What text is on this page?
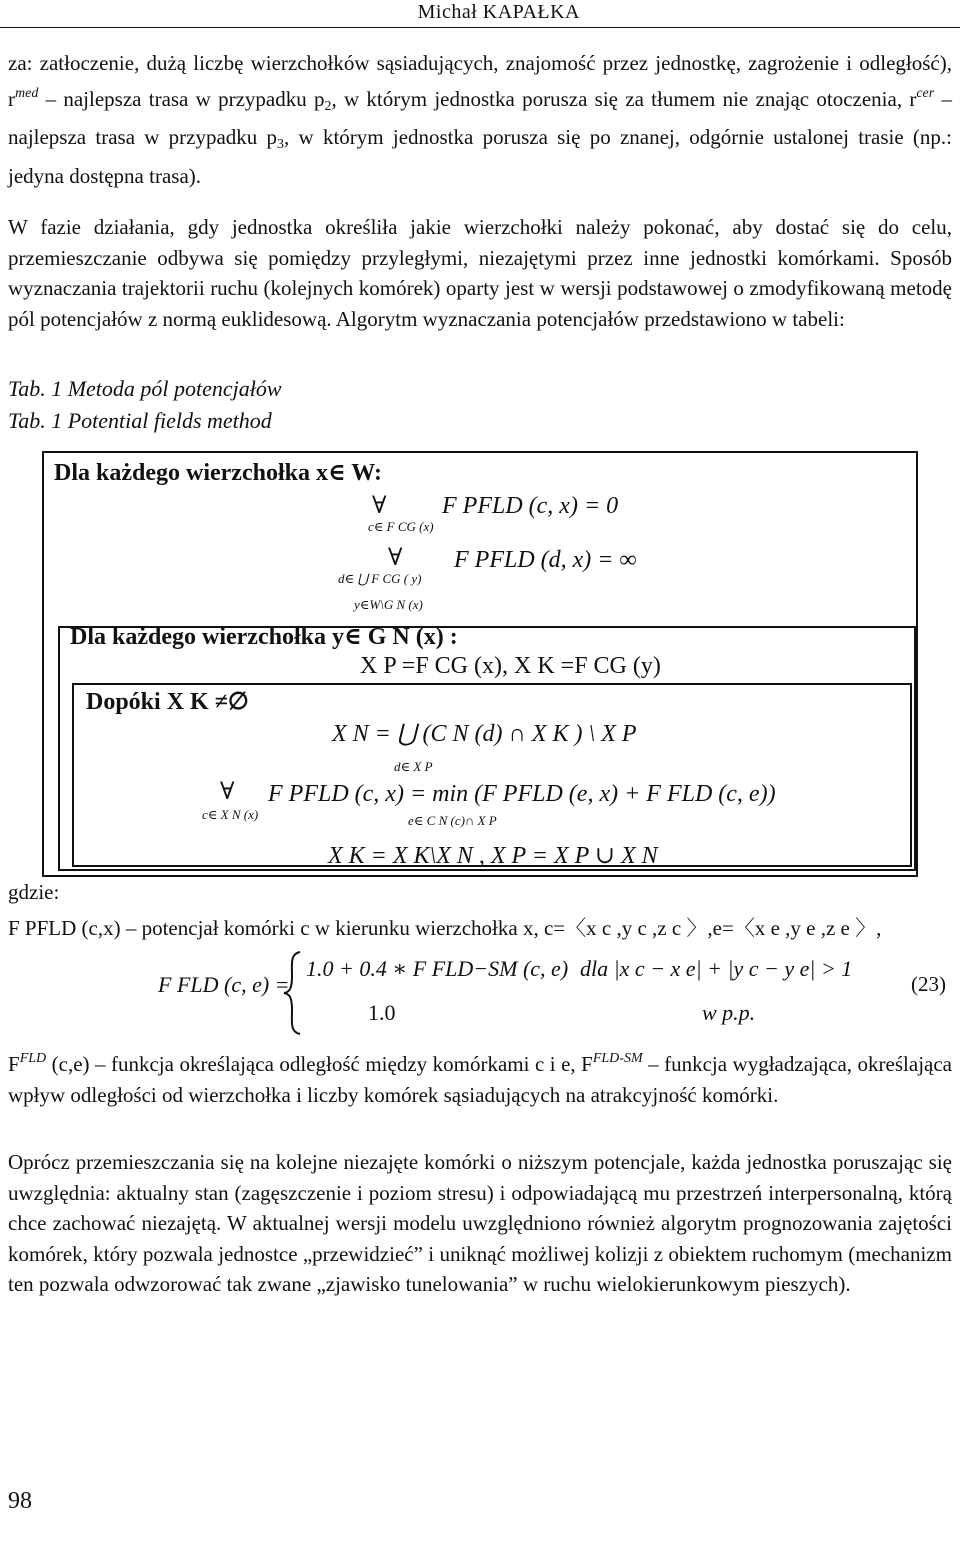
Michał KAPAŁKA

za: zatłoczenie, dużą liczbę wierzchołków sąsiadujących, znajomość przez jednostkę, zagrożenie i odległość), $r^{med}$ – najlepsza trasa w przypadku $p_2$, w którym jednostka porusza się za tłumem nie znając otoczenia, $r^{cer}$ – najlepsza trasa w przypadku $p_3$, w którym jednostka porusza się po znanej, odgórnie ustalonej trasie (np.: jedyna dostępna trasa).

W fazie działania, gdy jednostka określiła jakie wierzchołki należy pokonać, aby dostać się do celu, przemieszczanie odbywa się pomiędzy przyległymi, niezajętymi przez inne jednostki komórkami. Sposób wyznaczania trajektorii ruchu (kolejnych komórek) oparty jest w wersji podstawowej o zmodyfikowaną metodę pól potencjałów z normą euklidesową. Algorytm wyznaczania potencjałów przedstawiono w tabeli:

Tab. 1 Metoda pól potencjałów

Tab. 1 Potential fields method

Dla każdego wierzchołka x∈ W:
∀
c∈ F CG (x)
F PFLD (c, x) = 0
∀
d∈ ⋃ F CG ( y)
y∈W\G N (x)
F PFLD (d, x) = ∞
Dla każdego wierzchołka y∈ G N (x) :
X P =F CG (x), X K =F CG (y)
Dopóki X K ≠∅
X N = ⋃ (C N (d) ∩ X K ) \ X P
d∈ X P
∀
c∈ X N (x)
F PFLD (c, x) = min (F PFLD (e, x) + F FLD (c, e))
e∈ C N (c)∩ X P
X K = X K\X N , X P = X P ∪ X N

gdzie:

F PFLD (c,x) – potencjał komórki c w kierunku wierzchołka x, c=〈x c ,y c ,z c 〉,e=〈x e ,y e ,z e 〉,

F FLD (c, e) =
1.0 + 0.4 ∗ F FLD−SM (c, e) dla |x c − x e| + |y c − y e| > 1
1.0	w p.p.
(23)

$F^{FLD}$ (c,e) – funkcja określająca odległość między komórkami c i e, $F^{FLD-SM}$ – funkcja wygładzająca, określająca wpływ odległości od wierzchołka i liczby komórek sąsiadujących na atrakcyjność komórki.

Oprócz przemieszczania się na kolejne niezajęte komórki o niższym potencjale, każda jednostka poruszając się uwzględnia: aktualny stan (zagęszczenie i poziom stresu) i odpowiadającą mu przestrzeń interpersonalną, którą chce zachować niezajętą. W aktualnej wersji modelu uwzględniono również algorytm prognozowania zajętości komórek, który pozwala jednostce „przewidzieć” i uniknąć możliwej kolizji z obiektem ruchomym (mechanizm ten pozwala odwzorować tak zwane „zjawisko tunelowania” w ruchu wielokierunkowym pieszych).

98
